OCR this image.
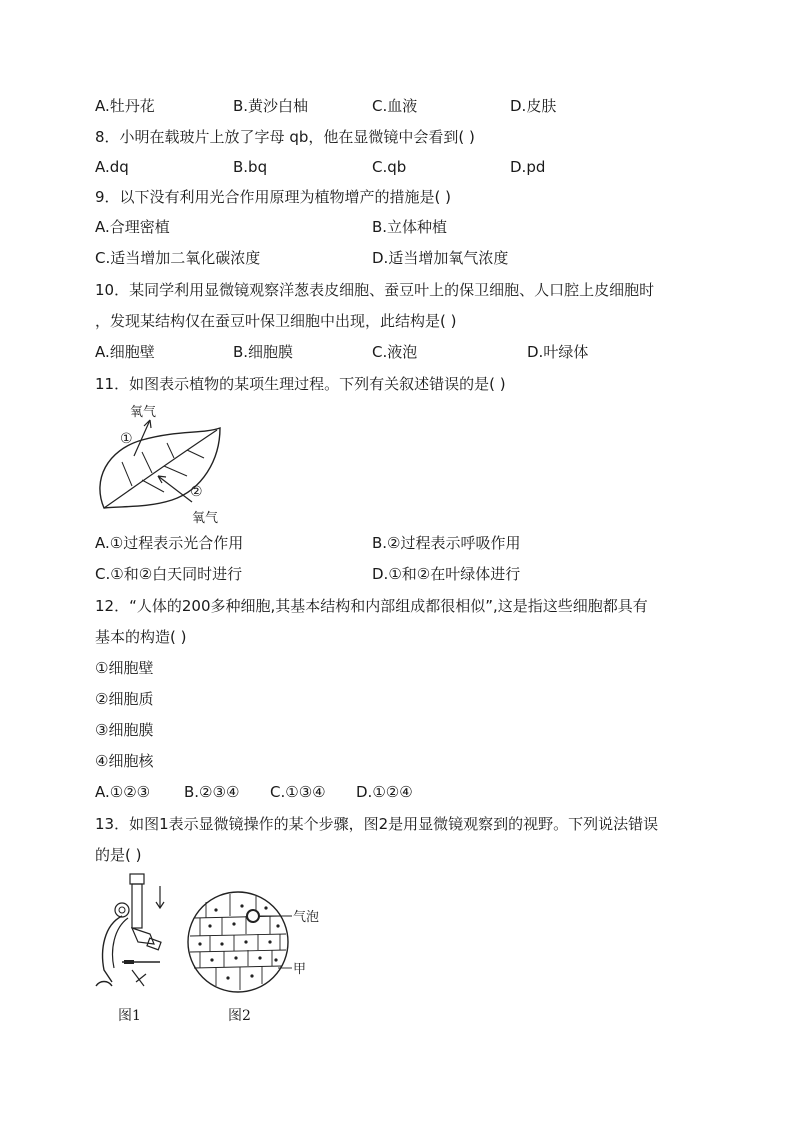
A.牡丹花	B.黄沙白柚	C.血液	D.皮肤
8．小明在载玻片上放了字母 qb，他在显微镜中会看到( )
A.dq	B.bq	C.qb	D.pd
9．以下没有利用光合作用原理为植物增产的措施是( )
A.合理密植	B.立体种植
C.适当增加二氧化碳浓度	D.适当增加氧气浓度
10．某同学利用显微镜观察洋葱表皮细胞、蚕豆叶上的保卫细胞、人口腔上皮细胞时
，发现某结构仅在蚕豆叶保卫细胞中出现，此结构是( )
A.细胞壁	B.细胞膜	C.液泡	D.叶绿体
11．如图表示植物的某项生理过程。下列有关叙述错误的是( )
氧气
①
②
氧气
A.①过程表示光合作用	B.②过程表示呼吸作用
C.①和②白天同时进行	D.①和②在叶绿体进行
12．“人体的200多种细胞,其基本结构和内部组成都很相似”,这是指这些细胞都具有
基本的构造( )
①细胞壁
②细胞质
③细胞膜
④细胞核
A.①②③ B.②③④ C.①③④ D.①②④
13．如图1表示显微镜操作的某个步骤，图2是用显微镜观察到的视野。下列说法错误
的是( )
气泡
甲
图1	图2
